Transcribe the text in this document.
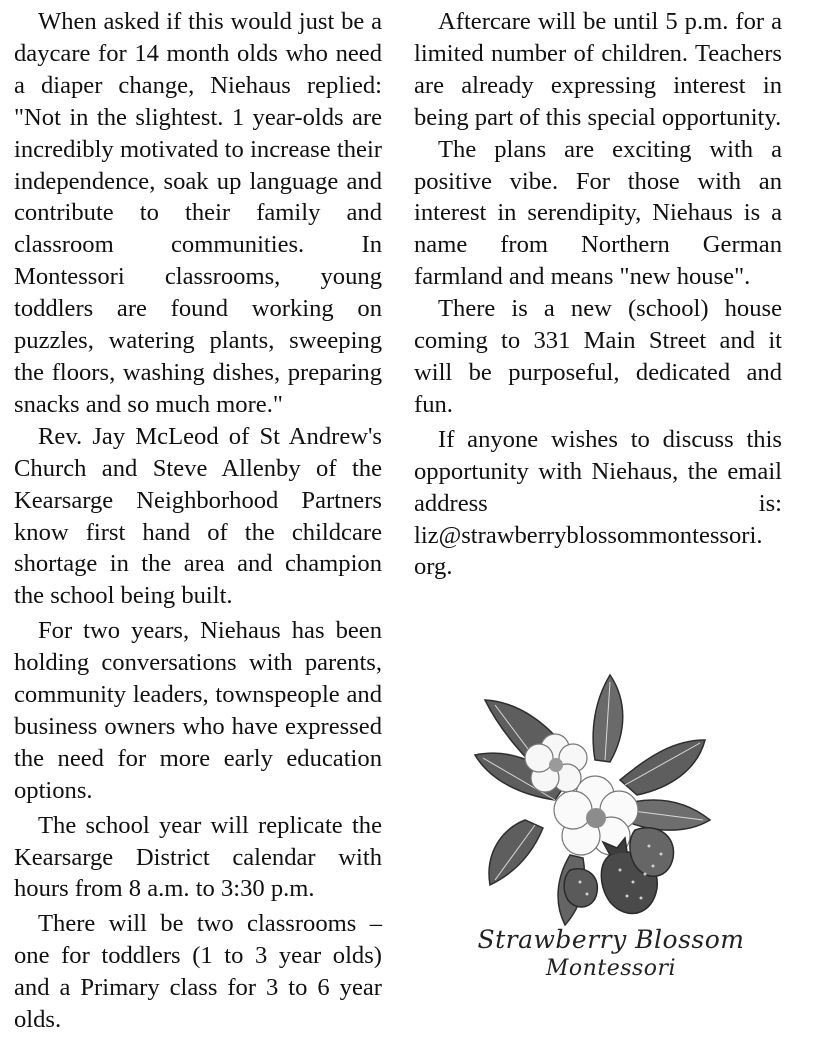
When asked if this would just be a daycare for 14 month olds who need a diaper change, Niehaus replied: "Not in the slightest. 1 year-olds are incredibly motivated to increase their independence, soak up language and contribute to their family and classroom communities. In Montessori classrooms, young toddlers are found working on puzzles, watering plants, sweeping the floors, washing dishes, preparing snacks and so much more."

Rev. Jay McLeod of St Andrew's Church and Steve Allenby of the Kearsarge Neighborhood Partners know first hand of the childcare shortage in the area and champion the school being built.

For two years, Niehaus has been holding conversations with parents, community leaders, townspeople and business owners who have expressed the need for more early education options.

The school year will replicate the Kearsarge District calendar with hours from 8 a.m. to 3:30 p.m.

There will be two classrooms – one for toddlers (1 to 3 year olds) and a Primary class for 3 to 6 year olds.

Aftercare will be until 5 p.m. for a limited number of children. Teachers are already expressing interest in being part of this special opportunity.

The plans are exciting with a positive vibe. For those with an interest in serendipity, Niehaus is a name from Northern German farmland and means "new house".

There is a new (school) house coming to 331 Main Street and it will be purposeful, dedicated and fun.

If anyone wishes to discuss this opportunity with Niehaus, the email address is: liz@strawberryblossommontessori.​org.

Strawberry Blossom
Montessori
